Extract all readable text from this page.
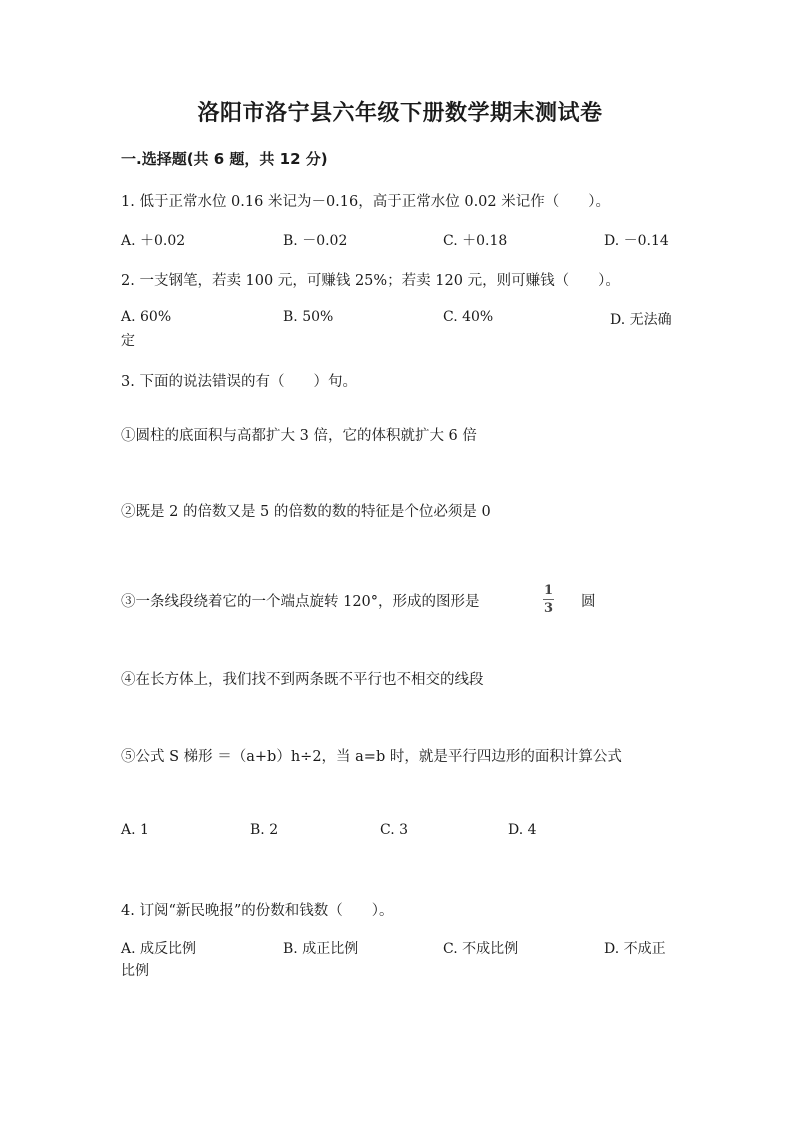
洛阳市洛宁县六年级下册数学期末测试卷
一.选择题(共 6 题，共 12 分)
1. 低于正常水位 0.16 米记为－0.16，高于正常水位 0.02 米记作（　　）。
A. ＋0.02	B. －0.02	C. ＋0.18	D. －0.14
2. 一支钢笔，若卖 100 元，可赚钱 25%；若卖 120 元，则可赚钱（　　）。
A. 60%	B. 50%	C. 40%	D. 无法确
定
3. 下面的说法错误的有（　　）句。
①圆柱的底面积与高都扩大 3 倍，它的体积就扩大 6 倍
②既是 2 的倍数又是 5 的倍数的数的特征是个位必须是 0
③一条线段绕着它的一个端点旋转 120°，形成的图形是
1
3 圆
④在长方体上，我们找不到两条既不平行也不相交的线段
⑤公式 S 梯形 ＝（a+b）h÷2，当 a=b 时，就是平行四边形的面积计算公式
A. 1	B. 2	C. 3	D. 4
4. 订阅“新民晚报”的份数和钱数（　　）。
A. 成反比例	B. 成正比例	C. 不成比例	D. 不成正
比例
